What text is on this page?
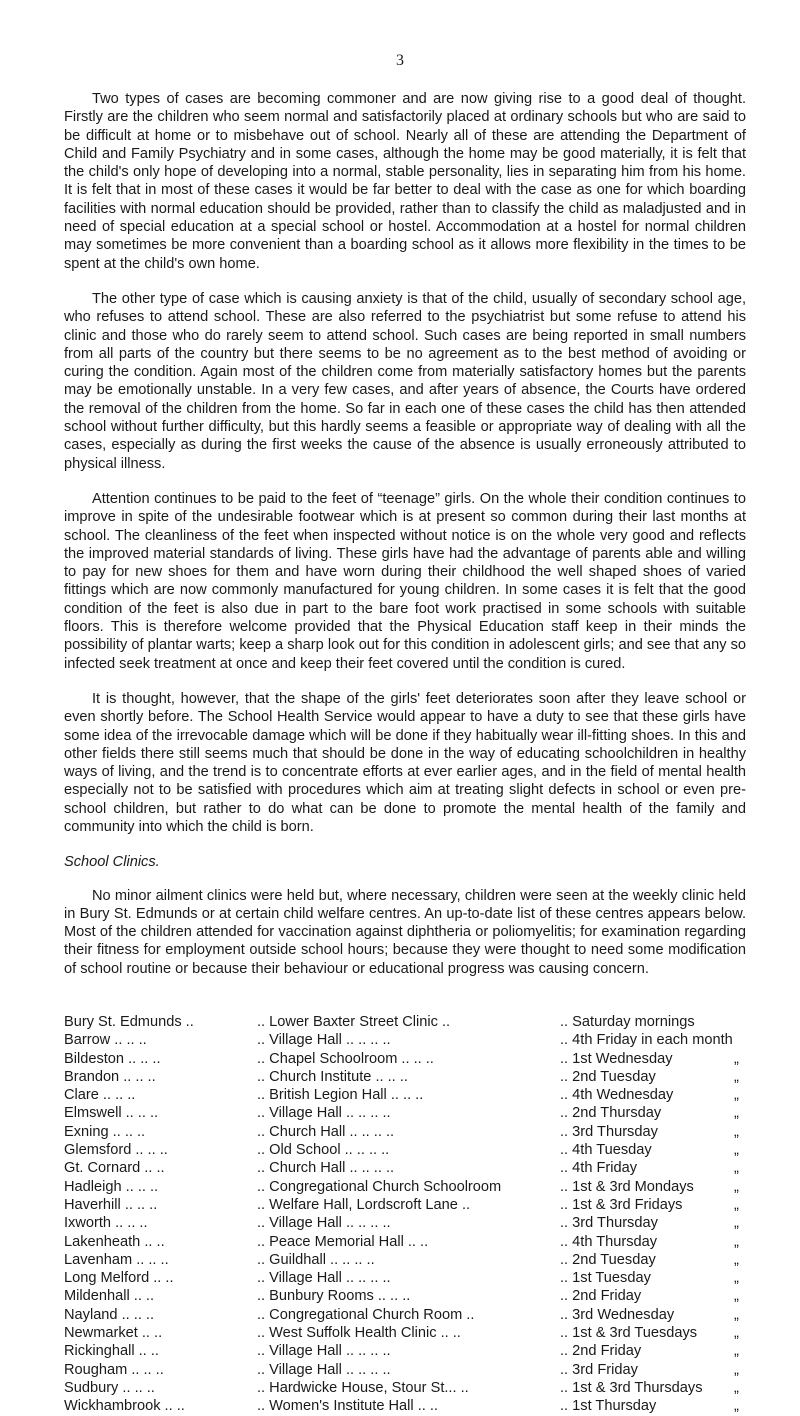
3

Two types of cases are becoming commoner and are now giving rise to a good deal of thought. Firstly are the children who seem normal and satisfactorily placed at ordinary schools but who are said to be difficult at home or to misbehave out of school. Nearly all of these are attending the Department of Child and Family Psychiatry and in some cases, although the home may be good materially, it is felt that the child's only hope of developing into a normal, stable personality, lies in separating him from his home. It is felt that in most of these cases it would be far better to deal with the case as one for which boarding facilities with normal education should be provided, rather than to classify the child as maladjusted and in need of special education at a special school or hostel. Accommodation at a hostel for normal children may sometimes be more convenient than a boarding school as it allows more flexibility in the times to be spent at the child's own home.

The other type of case which is causing anxiety is that of the child, usually of secondary school age, who refuses to attend school. These are also referred to the psychiatrist but some refuse to attend his clinic and those who do rarely seem to attend school. Such cases are being reported in small numbers from all parts of the country but there seems to be no agreement as to the best method of avoiding or curing the condition. Again most of the children come from materially satisfactory homes but the parents may be emotionally unstable. In a very few cases, and after years of absence, the Courts have ordered the removal of the children from the home. So far in each one of these cases the child has then attended school without further difficulty, but this hardly seems a feasible or appropriate way of dealing with all the cases, especially as during the first weeks the cause of the absence is usually erroneously attributed to physical illness.

Attention continues to be paid to the feet of “teenage” girls. On the whole their condition continues to improve in spite of the undesirable footwear which is at present so common during their last months at school. The cleanliness of the feet when inspected without notice is on the whole very good and reflects the improved material standards of living. These girls have had the advantage of parents able and willing to pay for new shoes for them and have worn during their childhood the well shaped shoes of varied fittings which are now commonly manufactured for young children. In some cases it is felt that the good condition of the feet is also due in part to the bare foot work practised in some schools with suitable floors. This is therefore welcome provided that the Physical Education staff keep in their minds the possibility of plantar warts; keep a sharp look out for this condition in adolescent girls; and see that any so infected seek treatment at once and keep their feet covered until the condition is cured.

It is thought, however, that the shape of the girls' feet deteriorates soon after they leave school or even shortly before. The School Health Service would appear to have a duty to see that these girls have some idea of the irrevocable damage which will be done if they habitually wear ill-fitting shoes. In this and other fields there still seems much that should be done in the way of educating schoolchildren in healthy ways of living, and the trend is to concentrate efforts at ever earlier ages, and in the field of mental health especially not to be satisfied with procedures which aim at treating slight defects in school or even pre-school children, but rather to do what can be done to promote the mental health of the family and community into which the child is born.

School Clinics.

No minor ailment clinics were held but, where necessary, children were seen at the weekly clinic held in Bury St. Edmunds or at certain child welfare centres. An up-to-date list of these centres appears below. Most of the children attended for vaccination against diphtheria or poliomyelitis; for examination regarding their fitness for employment outside school hours; because they were thought to need some modification of school routine or because their behaviour or educational progress was causing concern.

Bury St. Edmunds ..	.. Lower Baxter Street Clinic ..	.. Saturday mornings
Barrow .. .. ..	.. Village Hall .. .. .. ..	.. 4th Friday in each month
Bildeston .. .. ..	.. Chapel Schoolroom .. .. ..	.. 1st Wednesday	„
Brandon .. .. ..	.. Church Institute .. .. ..	.. 2nd Tuesday	„
Clare .. .. ..	.. British Legion Hall .. .. ..	.. 4th Wednesday	„
Elmswell .. .. ..	.. Village Hall .. .. .. ..	.. 2nd Thursday	„
Exning .. .. ..	.. Church Hall .. .. .. ..	.. 3rd Thursday	„
Glemsford .. .. ..	.. Old School .. .. .. ..	.. 4th Tuesday	„
Gt. Cornard .. ..	.. Church Hall .. .. .. ..	.. 4th Friday	„
Hadleigh .. .. ..	.. Congregational Church Schoolroom	.. 1st & 3rd Mondays	„
Haverhill .. .. ..	.. Welfare Hall, Lordscroft Lane ..	.. 1st & 3rd Fridays	„
Ixworth .. .. ..	.. Village Hall .. .. .. ..	.. 3rd Thursday	„
Lakenheath .. ..	.. Peace Memorial Hall .. ..	.. 4th Thursday	„
Lavenham .. .. ..	.. Guildhall .. .. .. ..	.. 2nd Tuesday	„
Long Melford .. ..	.. Village Hall .. .. .. ..	.. 1st Tuesday	„
Mildenhall .. ..	.. Bunbury Rooms .. .. ..	.. 2nd Friday	„
Nayland .. .. ..	.. Congregational Church Room ..	.. 3rd Wednesday	„
Newmarket .. ..	.. West Suffolk Health Clinic .. ..	.. 1st & 3rd Tuesdays	„
Rickinghall .. ..	.. Village Hall .. .. .. ..	.. 2nd Friday	„
Rougham .. .. ..	.. Village Hall .. .. .. ..	.. 3rd Friday	„
Sudbury .. .. ..	.. Hardwicke House, Stour St... ..	.. 1st & 3rd Thursdays	„
Wickhambrook .. ..	.. Women's Institute Hall .. ..	.. 1st Thursday	„
